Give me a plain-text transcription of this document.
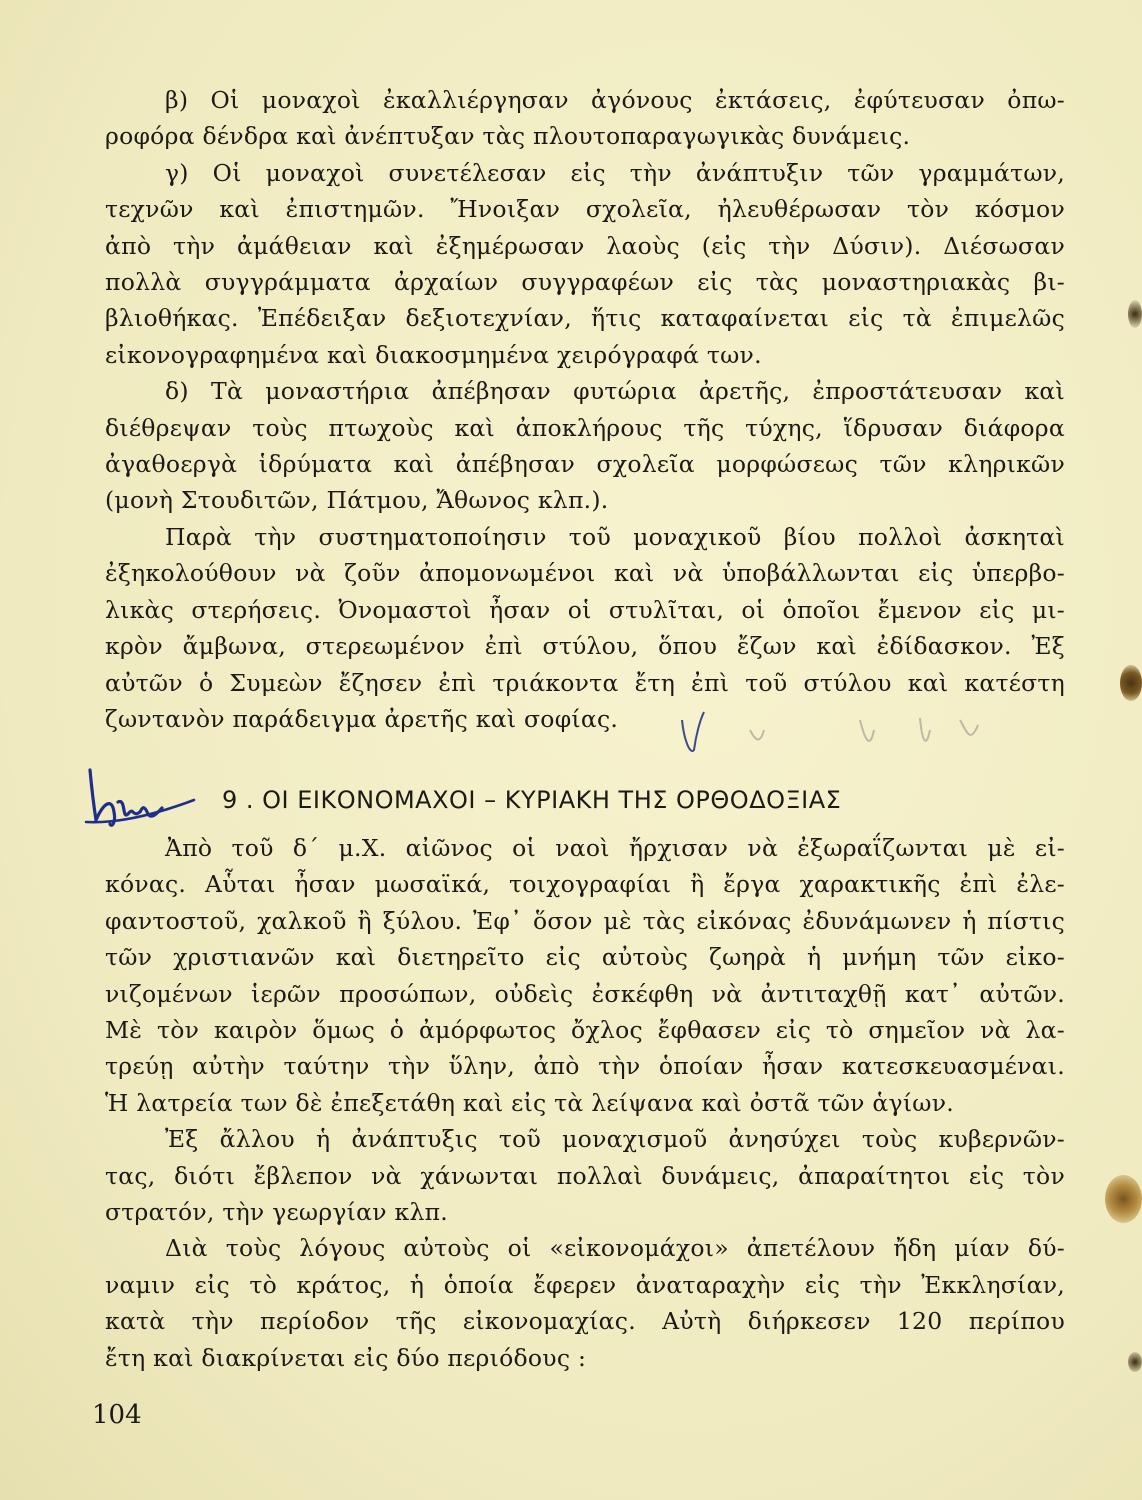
β) Οἱ μοναχοὶ ἐκαλλιέργησαν ἀγόνους ἐκτάσεις, ἐφύτευσαν ὀπω-
ροφόρα δένδρα καὶ ἀνέπτυξαν τὰς πλουτοπαραγωγικὰς δυνάμεις.
γ) Οἱ μοναχοὶ συνετέλεσαν εἰς τὴν ἀνάπτυξιν τῶν γραμμάτων,
τεχνῶν καὶ ἐπιστημῶν. Ἤνοιξαν σχολεῖα, ἠλευθέρωσαν τὸν κόσμον
ἀπὸ τὴν ἀμάθειαν καὶ ἐξημέρωσαν λαοὺς (εἰς τὴν Δύσιν). Διέσωσαν
πολλὰ συγγράμματα ἀρχαίων συγγραφέων εἰς τὰς μοναστηριακὰς βι-
βλιοθήκας. Ἐπέδειξαν δεξιοτεχνίαν, ἥτις καταφαίνεται εἰς τὰ ἐπιμελῶς
εἰκονογραφημένα καὶ διακοσμημένα χειρόγραφά των.
δ) Τὰ μοναστήρια ἀπέβησαν φυτώρια ἀρετῆς, ἐπροστάτευσαν καὶ
διέθρεψαν τοὺς πτωχοὺς καὶ ἀποκλήρους τῆς τύχης, ἵδρυσαν διάφορα
ἀγαθοεργὰ ἱδρύματα καὶ ἀπέβησαν σχολεῖα μορφώσεως τῶν κληρικῶν
(μονὴ Στουδιτῶν, Πάτμου, Ἄθωνος κλπ.).
Παρὰ τὴν συστηματοποίησιν τοῦ μοναχικοῦ βίου πολλοὶ ἀσκηταὶ
ἐξηκολούθουν νὰ ζοῦν ἀπομονωμένοι καὶ νὰ ὑποβάλλωνται εἰς ὑπερβο-
λικὰς στερήσεις. Ὀνομαστοὶ ἦσαν οἱ στυλῖται, οἱ ὁποῖοι ἔμενον εἰς μι-
κρὸν ἄμβωνα, στερεωμένον ἐπὶ στύλου, ὅπου ἔζων καὶ ἐδίδασκον. Ἐξ
αὐτῶν ὁ Συμεὼν ἔζησεν ἐπὶ τριάκοντα ἔτη ἐπὶ τοῦ στύλου καὶ κατέστη
ζωντανὸν παράδειγμα ἀρετῆς καὶ σοφίας.
9 . ΟΙ ΕΙΚΟΝΟΜΑΧΟΙ – ΚΥΡΙΑΚΗ ΤΗΣ ΟΡΘΟΔΟΞΙΑΣ
Ἀπὸ τοῦ δ´ μ.Χ. αἰῶνος οἱ ναοὶ ἤρχισαν νὰ ἐξωραΐζωνται μὲ εἰ-
κόνας. Αὗται ἦσαν μωσαϊκά, τοιχογραφίαι ἢ ἔργα χαρακτικῆς ἐπὶ ἐλε-
φαντοστοῦ, χαλκοῦ ἢ ξύλου. Ἐφ᾽ ὅσον μὲ τὰς εἰκόνας ἐδυνάμωνεν ἡ πίστις
τῶν χριστιανῶν καὶ διετηρεῖτο εἰς αὐτοὺς ζωηρὰ ἡ μνήμη τῶν εἰκο-
νιζομένων ἱερῶν προσώπων, οὐδεὶς ἐσκέφθη νὰ ἀντιταχθῇ κατ᾽ αὐτῶν.
Μὲ τὸν καιρὸν ὅμως ὁ ἀμόρφωτος ὄχλος ἔφθασεν εἰς τὸ σημεῖον νὰ λα-
τρεύῃ αὐτὴν ταύτην τὴν ὕλην, ἀπὸ τὴν ὁποίαν ἦσαν κατεσκευασμέναι.
Ἡ λατρεία των δὲ ἐπεξετάθη καὶ εἰς τὰ λείψανα καὶ ὀστᾶ τῶν ἁγίων.
Ἐξ ἄλλου ἡ ἀνάπτυξις τοῦ μοναχισμοῦ ἀνησύχει τοὺς κυβερνῶν-
τας, διότι ἔβλεπον νὰ χάνωνται πολλαὶ δυνάμεις, ἀπαραίτητοι εἰς τὸν
στρατόν, τὴν γεωργίαν κλπ.
Διὰ τοὺς λόγους αὐτοὺς οἱ «εἰκονομάχοι» ἀπετέλουν ἤδη μίαν δύ-
ναμιν εἰς τὸ κράτος, ἡ ὁποία ἔφερεν ἀναταραχὴν εἰς τὴν Ἐκκλησίαν,
κατὰ τὴν περίοδον τῆς εἰκονομαχίας. Αὐτὴ διήρκεσεν 120 περίπου
ἔτη καὶ διακρίνεται εἰς δύο περιόδους :
104
